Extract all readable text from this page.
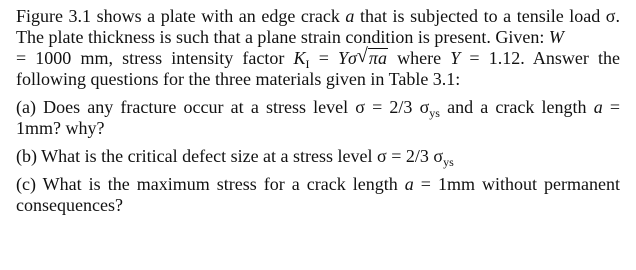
Figure 3.1 shows a plate with an edge crack a that is subjected to a tensile load σ. The plate thickness is such that a plane strain condition is present. Given: W
= 1000 mm, stress intensity factor $K_I = Y\sigma$ √ πa where Y = 1.12. Answer the following questions for the three materials given in Table 3.1:

(a) Does any fracture occur at a stress level σ = 2/3 $\sigma_{ys}$ and a crack length a = 1mm? why?

(b) What is the critical defect size at a stress level σ = 2/3 $\sigma_{ys}$

(c) What is the maximum stress for a crack length a = 1mm without permanent consequences?
